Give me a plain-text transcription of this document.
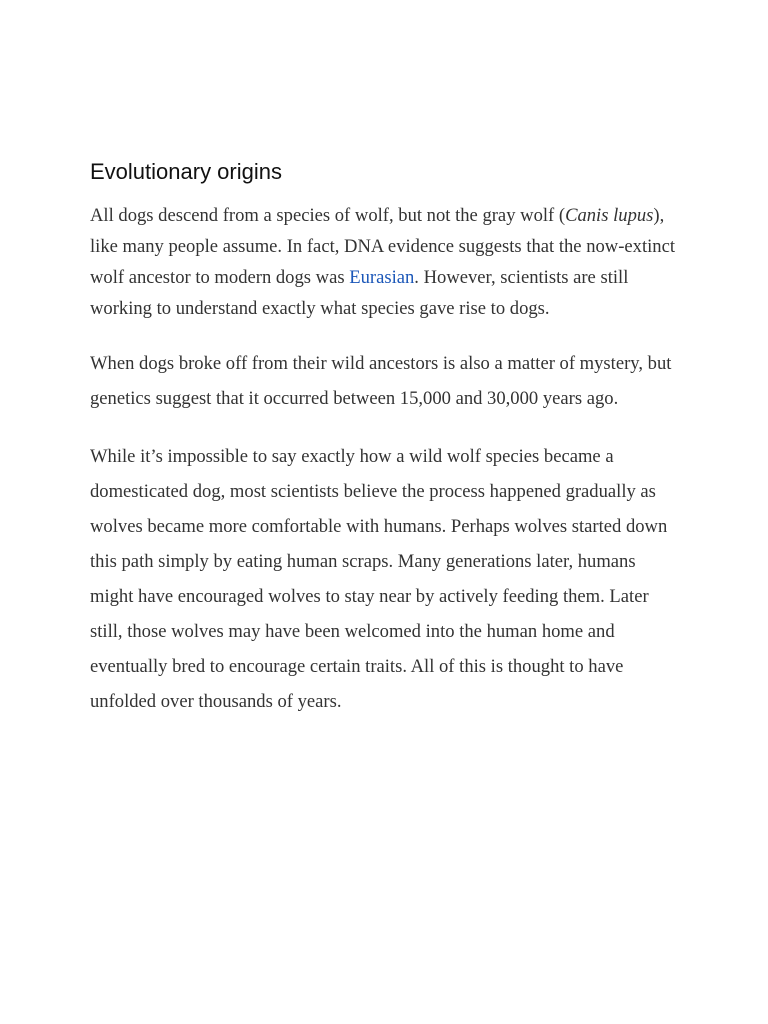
Evolutionary origins

All dogs descend from a species of wolf, but not the gray wolf (Canis lupus), like many people assume. In fact, DNA evidence suggests that the now-extinct wolf ancestor to modern dogs was Eurasian. However, scientists are still working to understand exactly what species gave rise to dogs.

When dogs broke off from their wild ancestors is also a matter of mystery, but genetics suggest that it occurred between 15,000 and 30,000 years ago.

While it’s impossible to say exactly how a wild wolf species became a domesticated dog, most scientists believe the process happened gradually as wolves became more comfortable with humans. Perhaps wolves started down this path simply by eating human scraps. Many generations later, humans might have encouraged wolves to stay near by actively feeding them. Later still, those wolves may have been welcomed into the human home and eventually bred to encourage certain traits. All of this is thought to have unfolded over thousands of years.
